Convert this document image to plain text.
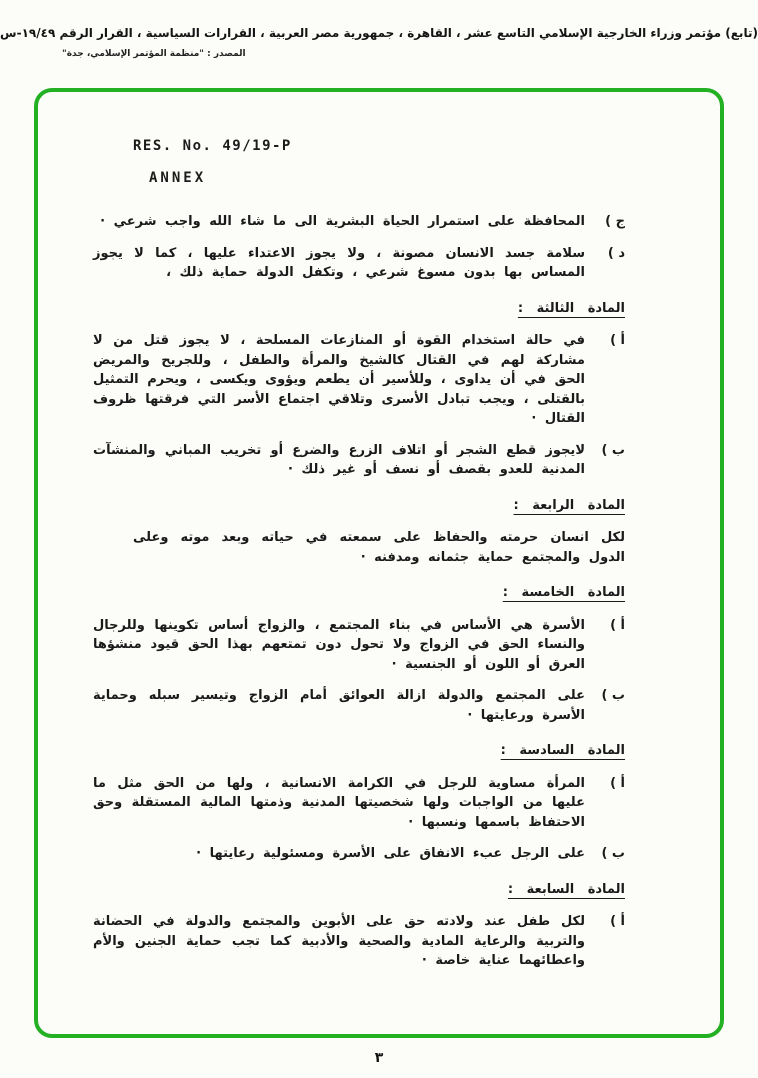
(تابع) مؤتمر وزراء الخارجية الإسلامي التاسع عشر ، القاهرة ، جمهورية مصر العربية ، القرارات السياسية ، القرار الرقم ١٩/٤٩-س
المصدر : "منظمة المؤتمر الإسلامي، جدة"
RES. No. 49/19-P
ANNEX
ج )

المحافظة على استمرار الحياة البشرية الى ما شاء الله واجب شرعي ·

د )

سلامة جسد الانسان مصونة ، ولا يجوز الاعتداء عليها ، كما لا يجوز المساس بها بدون مسوغ شرعي ، وتكفل الدولة حماية ذلك ،

المادة الثالثة :
أ )

في حالة استخدام القوة أو المنازعات المسلحة ، لا يجوز قتل من لا مشاركة لهم في القتال كالشيخ والمرأة والطفل ، وللجريح والمريض الحق في أن يداوى ، وللأسير أن يطعم ويؤوى ويكسى ، ويحرم التمثيل بالقتلى ، ويجب تبادل الأسرى وتلاقي اجتماع الأسر التي فرقتها ظروف القتال ·

ب )

لايجوز قطع الشجر أو اتلاف الزرع والضرع أو تخريب المباني والمنشآت المدنية للعدو بقصف أو نسف أو غير ذلك ·

المادة الرابعة :

لكل انسان حرمته والحفاظ على سمعته في حياته وبعد موته وعلى الدول والمجتمع حماية جثمانه ومدفنه ·

المادة الخامسة :
أ )

الأسرة هي الأساس في بناء المجتمع ، والزواج أساس تكوينها وللرجال والنساء الحق في الزواج ولا تحول دون تمتعهم بهذا الحق قيود منشؤها العرق أو اللون أو الجنسية ·

ب )

على المجتمع والدولة ازالة العوائق أمام الزواج وتيسير سبله وحماية الأسرة ورعايتها ·

المادة السادسة :
أ )

المرأة مساوية للرجل في الكرامة الانسانية ، ولها من الحق مثل ما عليها من الواجبات ولها شخصيتها المدنية وذمتها المالية المستقلة وحق الاحتفاظ باسمها ونسبها ·

ب )

على الرجل عبء الانفاق على الأسرة ومسئولية رعايتها ·

المادة السابعة :
أ )

لكل طفل عند ولادته حق على الأبوين والمجتمع والدولة في الحضانة والتربية والرعاية المادية والصحية والأدبية كما تجب حماية الجنين والأم واعطائهما عناية خاصة ·

٣
